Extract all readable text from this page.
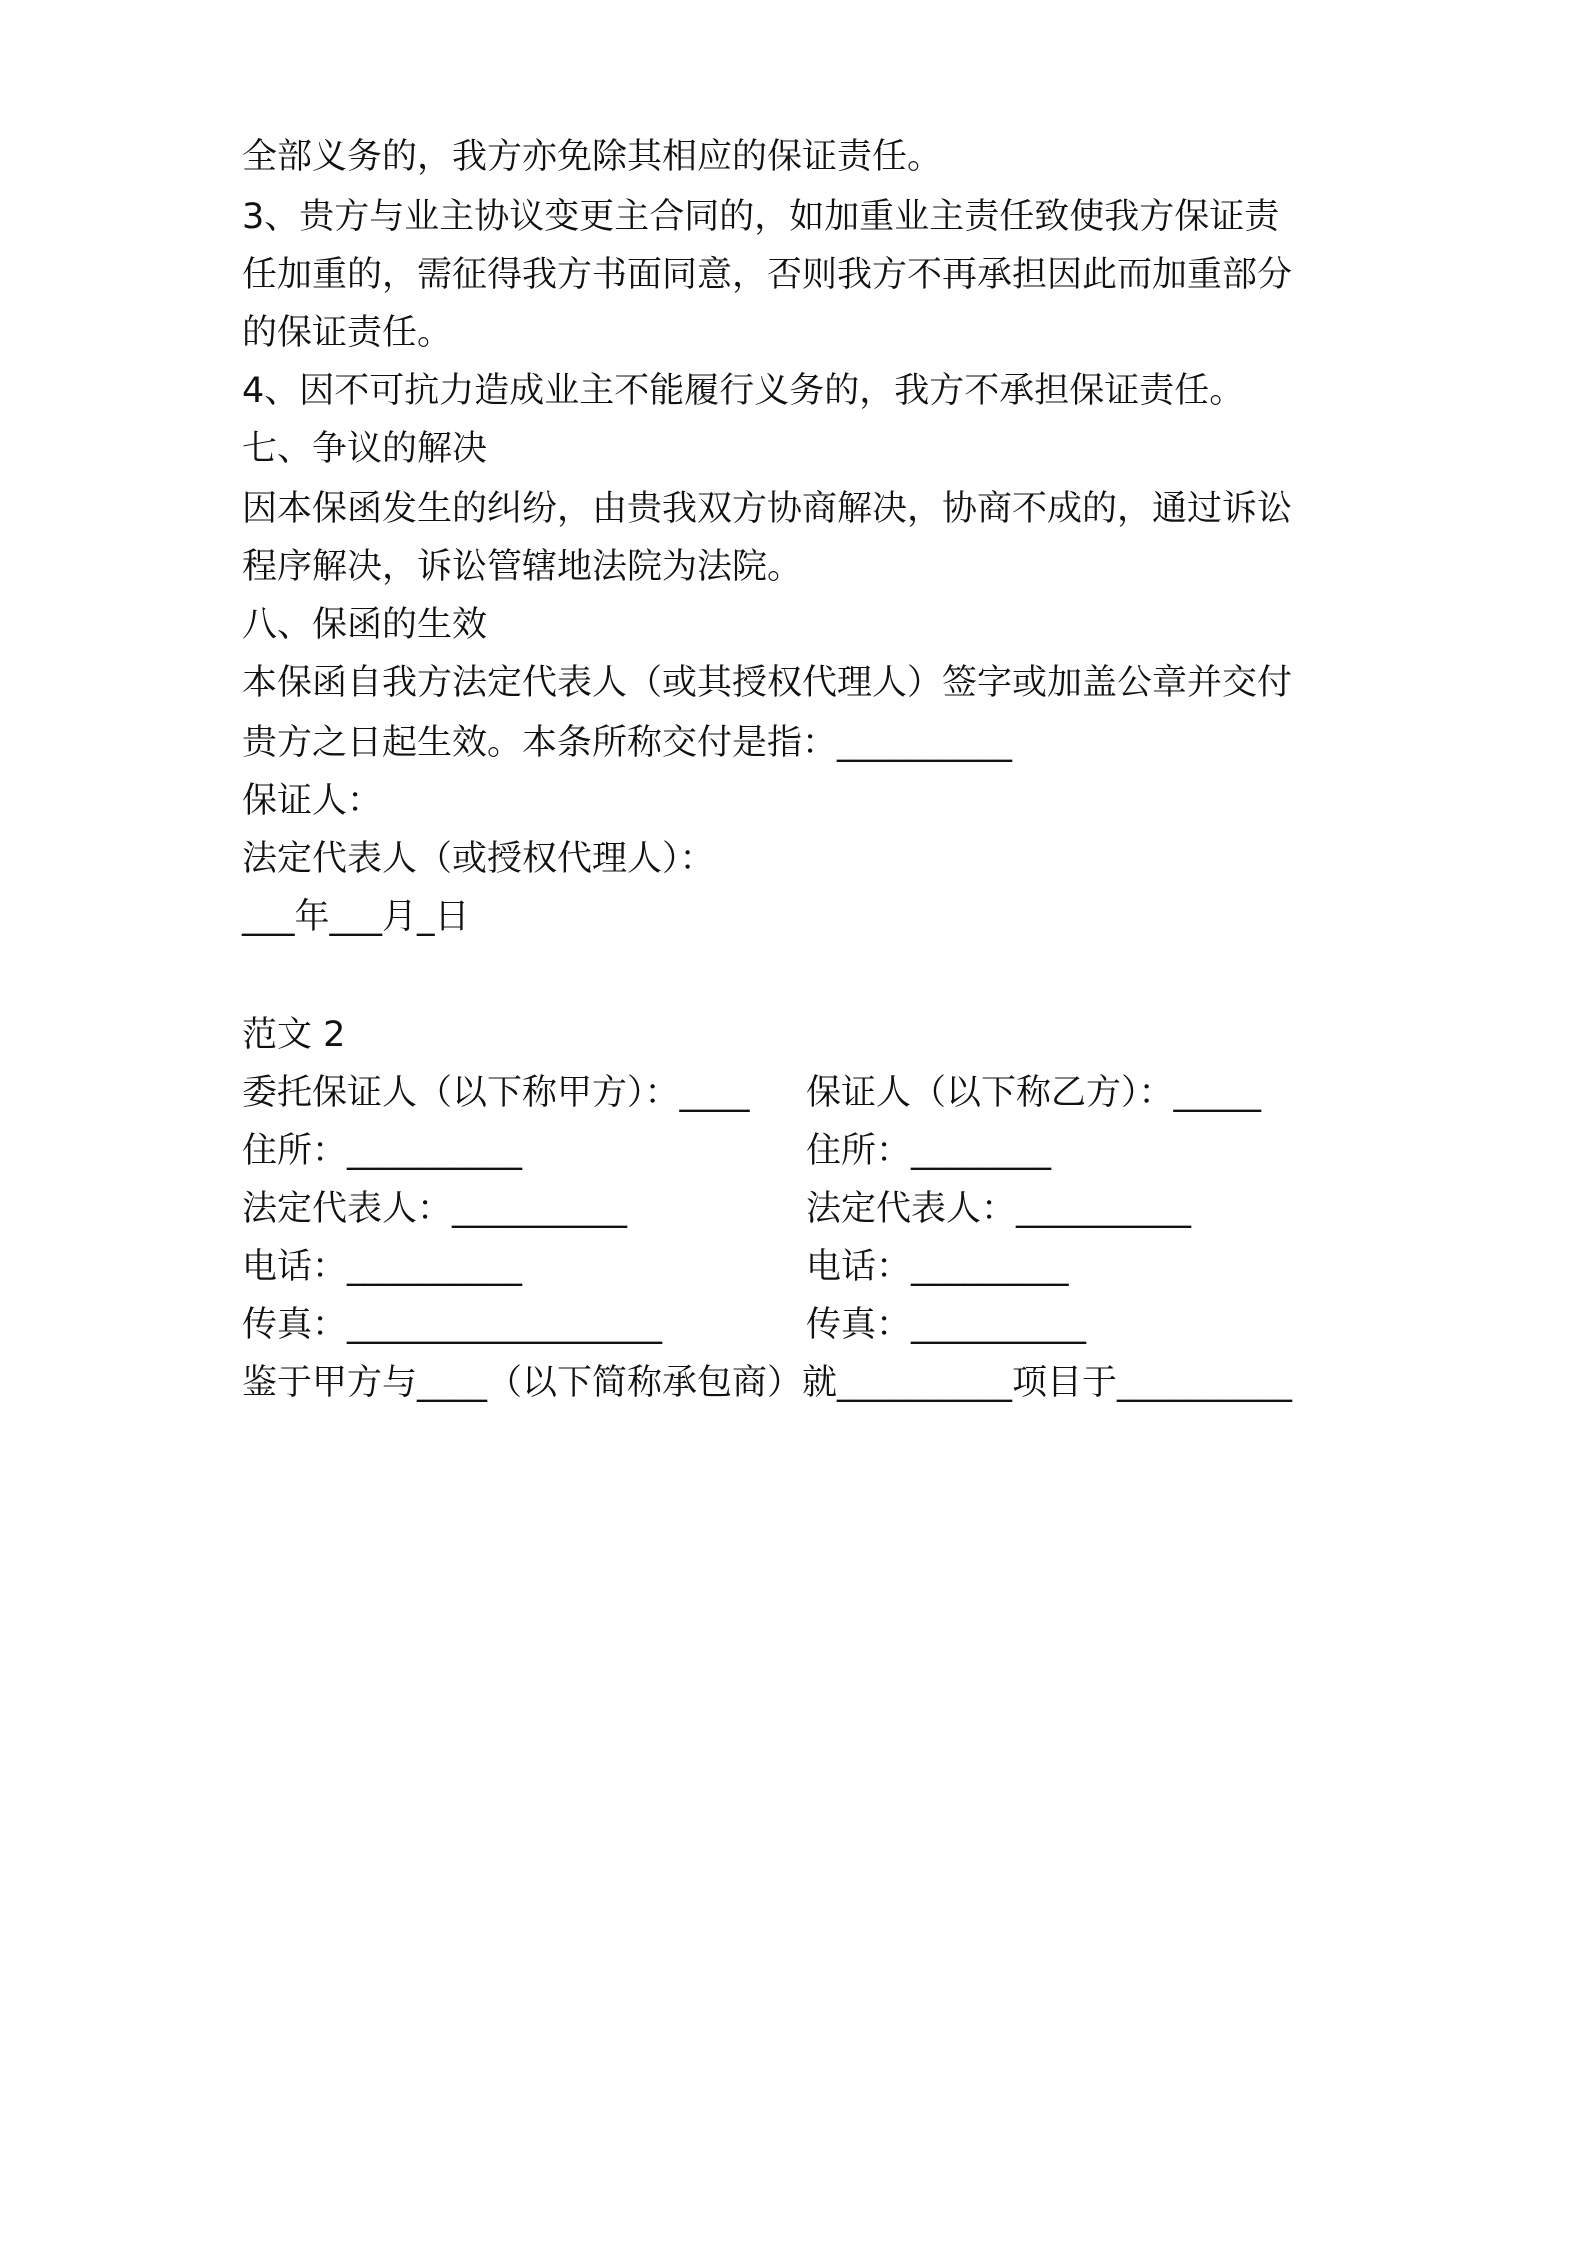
全部义务的，我方亦免除其相应的保证责任。

3、贵方与业主协议变更主合同的，如加重业主责任致使我方保证责

任加重的，需征得我方书面同意，否则我方不再承担因此而加重部分

的保证责任。

4、因不可抗力造成业主不能履行义务的，我方不承担保证责任。

七、争议的解决

因本保函发生的纠纷，由贵我双方协商解决，协商不成的，通过诉讼

程序解决，诉讼管辖地法院为法院。

八、保函的生效

本保函自我方法定代表人（或其授权代理人）签字或加盖公章并交付

贵方之日起生效。本条所称交付是指：__________

保证人：

法定代表人（或授权代理人）：

___年___月_日

范文 2

委托保证人（以下称甲方）：____ 保证人（以下称乙方）：_____

住所：__________	住所：________

法定代表人：__________	法定代表人：__________

电话：__________	电话：_________

传真：__________________	传真：__________

鉴于甲方与____（以下简称承包商）就__________项目于__________
